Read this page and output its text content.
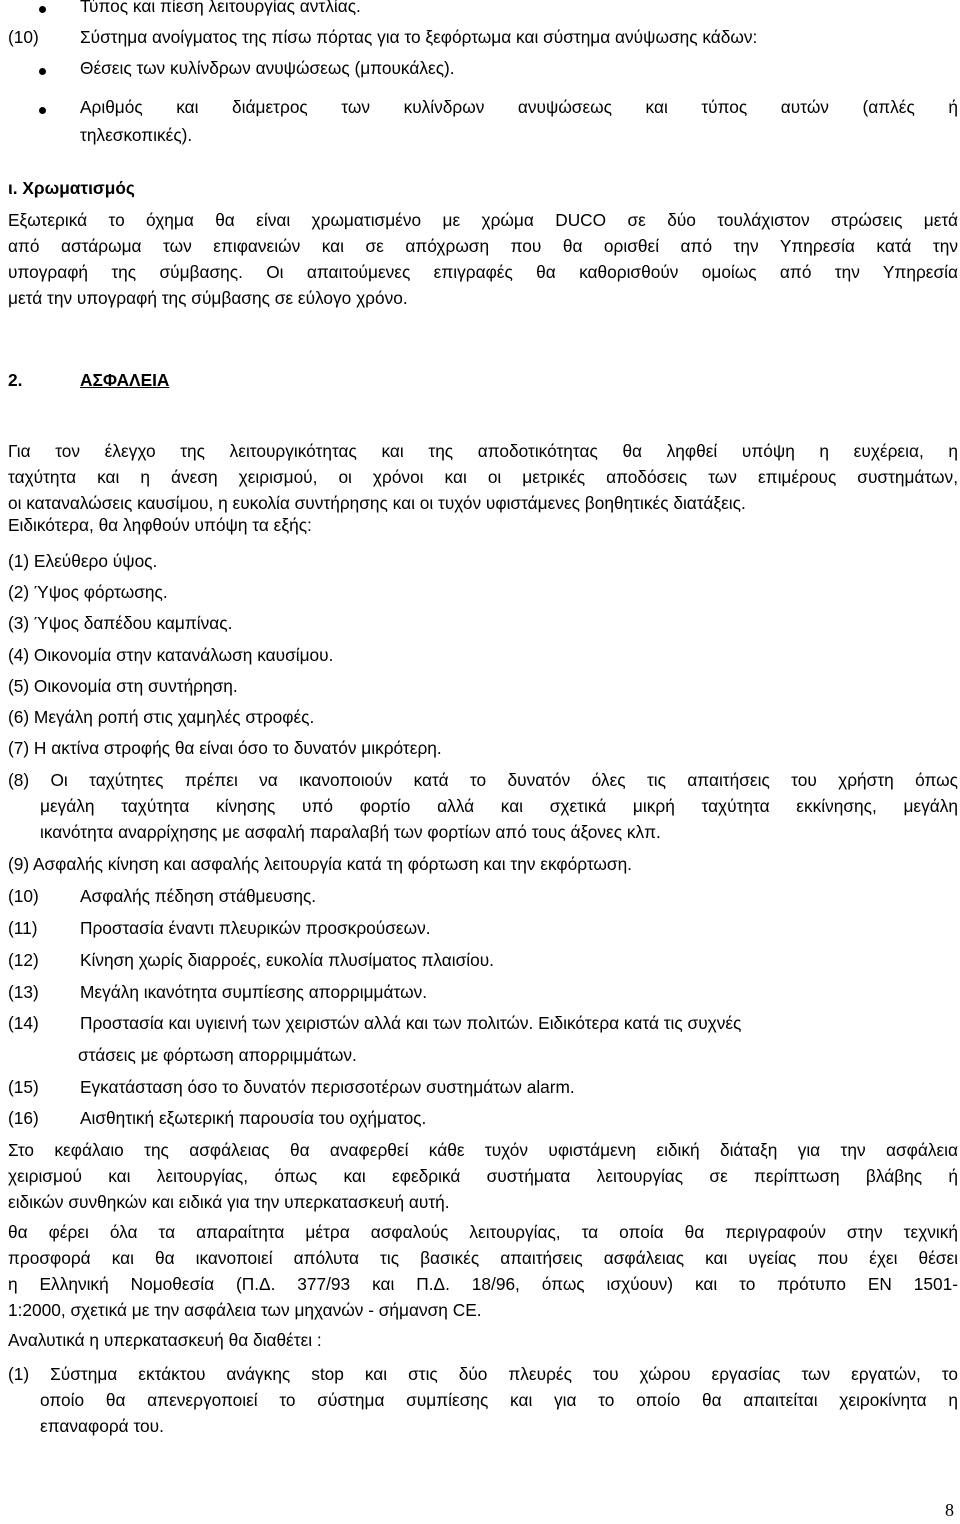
Τύπος και πίεση λειτουργίας αντλίας.
(10) Σύστημα ανοίγματος της πίσω πόρτας για το ξεφόρτωμα και σύστημα ανύψωσης κάδων:
Θέσεις των κυλίνδρων ανυψώσεως (μπουκάλες).
Αριθμός και διάμετρος των κυλίνδρων ανυψώσεως και τύπος αυτών (απλές ή
τηλεσκοπικές).
ι. Χρωματισμός
Εξωτερικά το όχημα θα είναι χρωματισμένο με χρώμα DUCO σε δύο τουλάχιστον στρώσεις μετά
από αστάρωμα των επιφανειών και σε απόχρωση που θα ορισθεί από την Υπηρεσία κατά την
υπογραφή της σύμβασης. Οι απαιτούμενες επιγραφές θα καθορισθούν ομοίως από την Υπηρεσία
μετά την υπογραφή της σύμβασης σε εύλογο χρόνο.
2.	ΑΣΦΑΛΕΙΑ
Για τον έλεγχο της λειτουργικότητας και της αποδοτικότητας θα ληφθεί υπόψη η ευχέρεια, η
ταχύτητα και η άνεση χειρισμού, οι χρόνοι και οι μετρικές αποδόσεις των επιμέρους συστημάτων,
οι καταναλώσεις καυσίμου, η ευκολία συντήρησης και οι τυχόν υφιστάμενες βοηθητικές διατάξεις.
Ειδικότερα, θα ληφθούν υπόψη τα εξής:
(1) Ελεύθερο ύψος.
(2) Ύψος φόρτωσης.
(3) Ύψος δαπέδου καμπίνας.
(4) Οικονομία στην κατανάλωση καυσίμου.
(5) Οικονομία στη συντήρηση.
(6) Μεγάλη ροπή στις χαμηλές στροφές.
(7) Η ακτίνα στροφής θα είναι όσο το δυνατόν μικρότερη.
(8) Οι ταχύτητες πρέπει να ικανοποιούν κατά το δυνατόν όλες τις απαιτήσεις του χρήστη όπως
μεγάλη ταχύτητα κίνησης υπό φορτίο αλλά και σχετικά μικρή ταχύτητα εκκίνησης, μεγάλη
ικανότητα αναρρίχησης με ασφαλή παραλαβή των φορτίων από τους άξονες κλπ.
(9) Ασφαλής κίνηση και ασφαλής λειτουργία κατά τη φόρτωση και την εκφόρτωση.
(10) Ασφαλής πέδηση στάθμευσης.
(11) Προστασία έναντι πλευρικών προσκρούσεων.
(12) Κίνηση χωρίς διαρροές, ευκολία πλυσίματος πλαισίου.
(13) Μεγάλη ικανότητα συμπίεσης απορριμμάτων.
(14) Προστασία και υγιεινή των χειριστών αλλά και των πολιτών. Ειδικότερα κατά τις συχνές
στάσεις με φόρτωση απορριμμάτων.
(15) Εγκατάσταση όσο το δυνατόν περισσοτέρων συστημάτων alarm.
(16) Αισθητική εξωτερική παρουσία του οχήματος.
Στο κεφάλαιο της ασφάλειας θα αναφερθεί κάθε τυχόν υφιστάμενη ειδική διάταξη για την ασφάλεια
χειρισμού και λειτουργίας, όπως και εφεδρικά συστήματα λειτουργίας σε περίπτωση βλάβης ή
ειδικών συνθηκών και ειδικά για την υπερκατασκευή αυτή.
θα φέρει όλα τα απαραίτητα μέτρα ασφαλούς λειτουργίας, τα οποία θα περιγραφούν στην τεχνική
προσφορά και θα ικανοποιεί απόλυτα τις βασικές απαιτήσεις ασφάλειας και υγείας που έχει θέσει
η Ελληνική Νομοθεσία (Π.Δ. 377/93 και Π.Δ. 18/96, όπως ισχύουν) και το πρότυπο EN 1501-
1:2000, σχετικά με την ασφάλεια των μηχανών - σήμανση CE.
Αναλυτικά η υπερκατασκευή θα διαθέτει :
(1) Σύστημα εκτάκτου ανάγκης stop και στις δύο πλευρές του χώρου εργασίας των εργατών, το
οποίο θα απενεργοποιεί το σύστημα συμπίεσης και για το οποίο θα απαιτείται χειροκίνητα η
επαναφορά του.
8
